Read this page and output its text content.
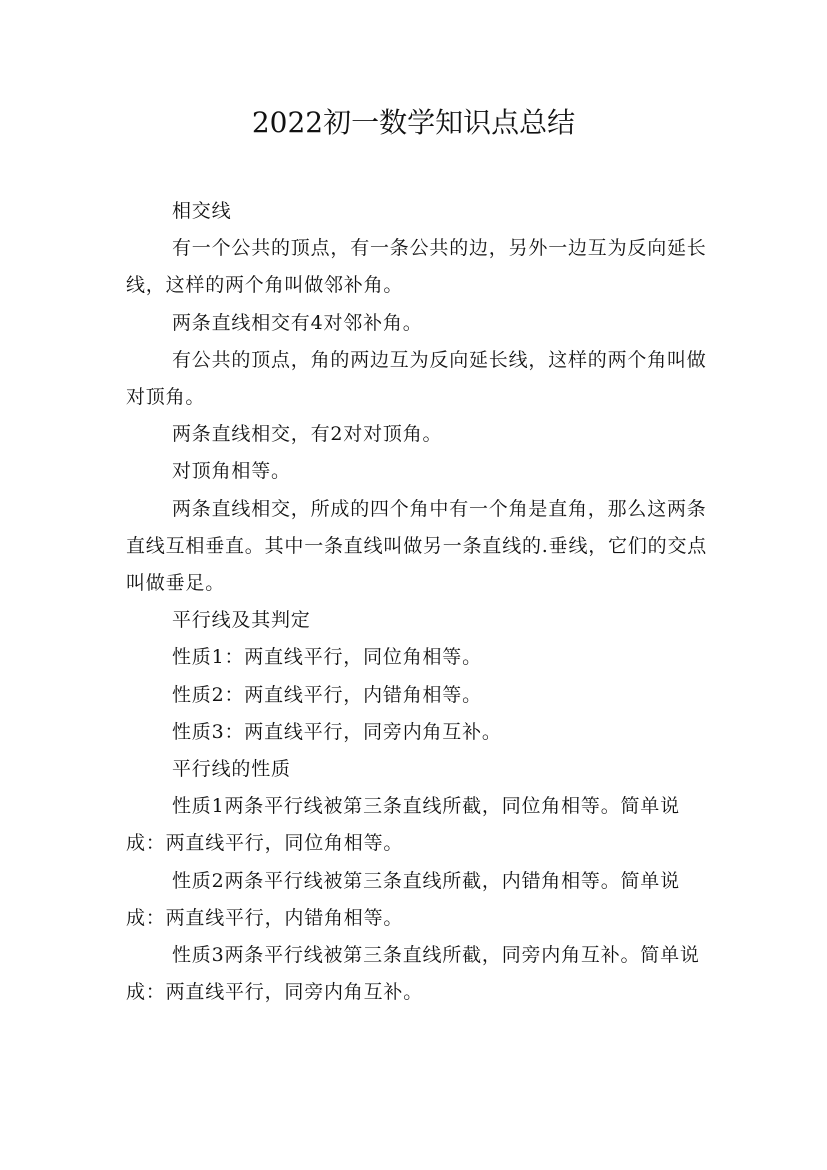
2022初一数学知识点总结

相交线

有一个公共的顶点，有一条公共的边，另外一边互为反向延长线，这样的两个角叫做邻补角。

两条直线相交有4对邻补角。

有公共的顶点，角的两边互为反向延长线，这样的两个角叫做对顶角。

两条直线相交，有2对对顶角。

对顶角相等。

两条直线相交，所成的四个角中有一个角是直角，那么这两条直线互相垂直。其中一条直线叫做另一条直线的.垂线，它们的交点叫做垂足。

平行线及其判定

性质1：两直线平行，同位角相等。

性质2：两直线平行，内错角相等。

性质3：两直线平行，同旁内角互补。

平行线的性质

性质1两条平行线被第三条直线所截，同位角相等。简单说成：两直线平行，同位角相等。

性质2两条平行线被第三条直线所截，内错角相等。简单说成：两直线平行，内错角相等。

性质3两条平行线被第三条直线所截，同旁内角互补。简单说成：两直线平行，同旁内角互补。
